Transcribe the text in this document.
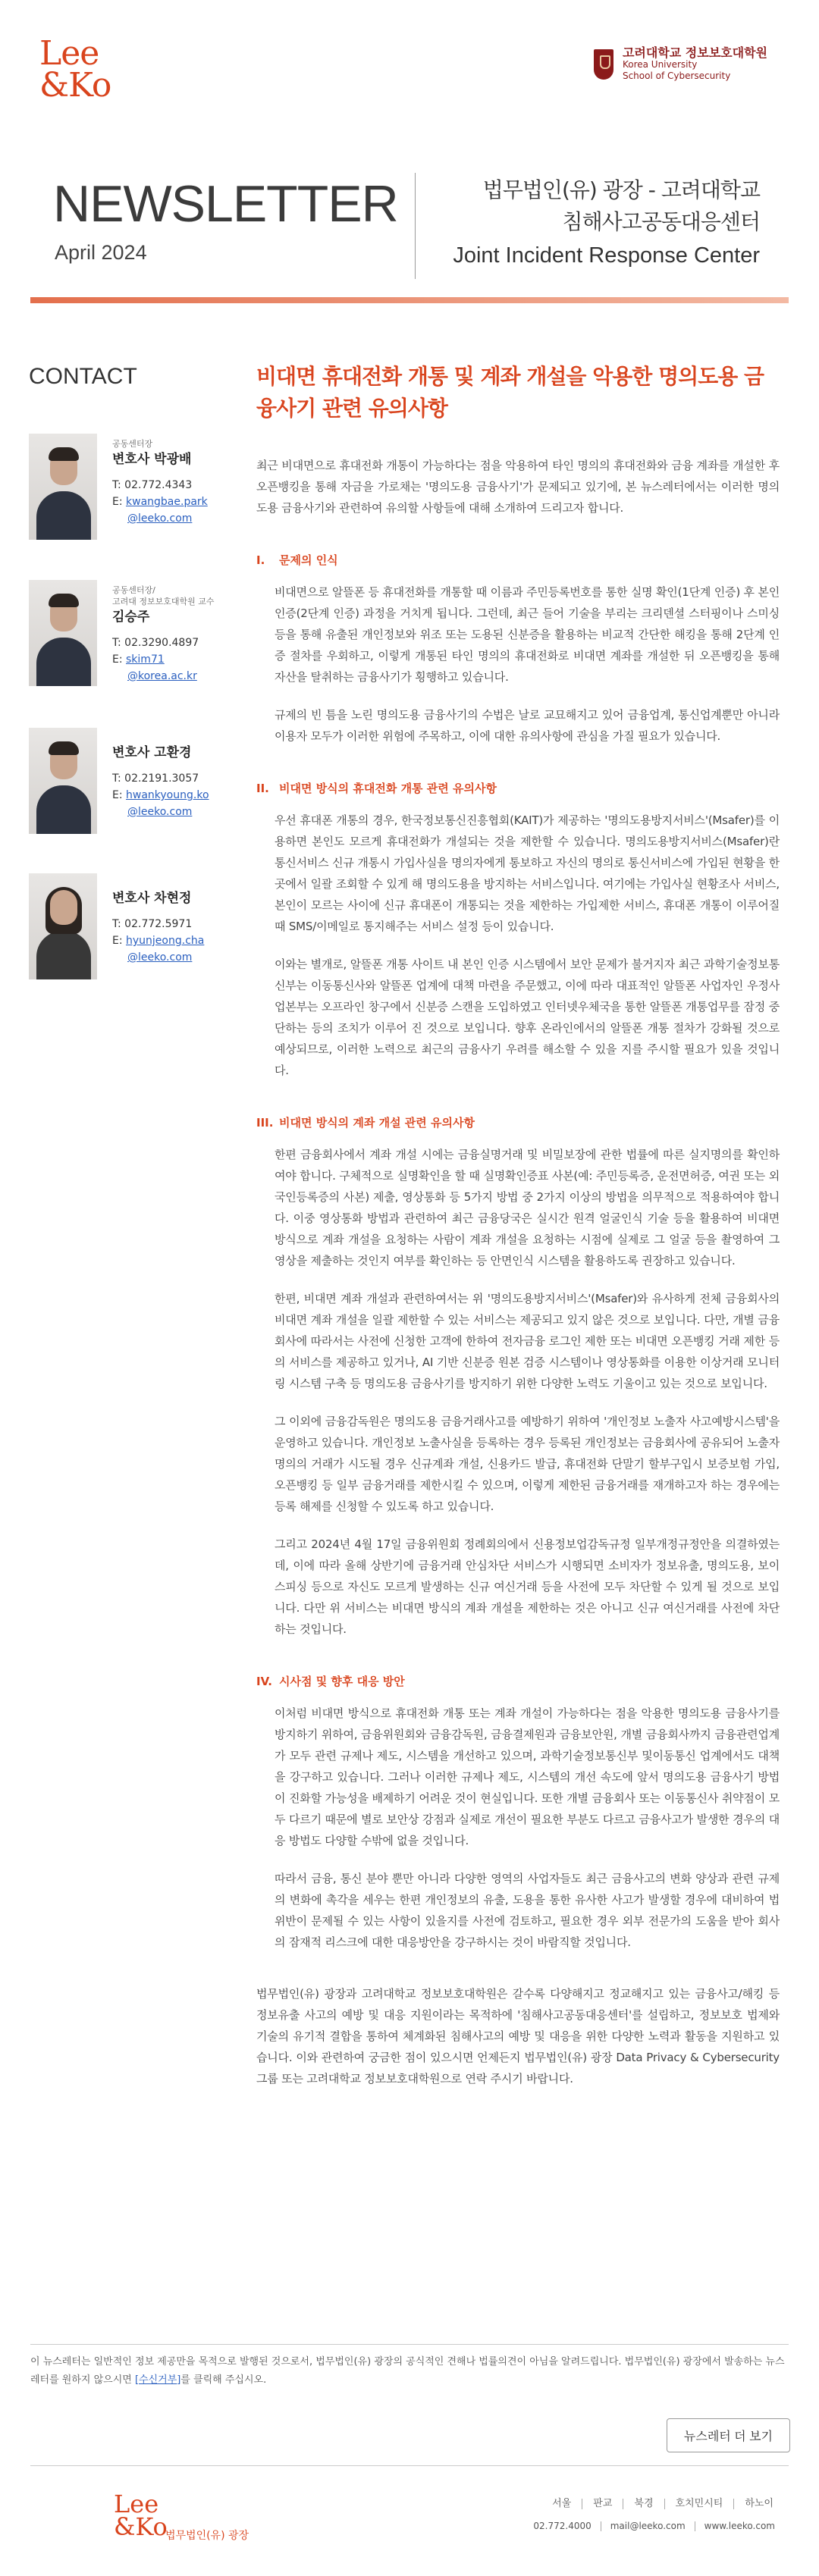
Lee
&Ko
고려대학교 정보보호대학원
Korea University
School of Cybersecurity
NEWSLETTER
April 2024
법무법인(유) 광장 - 고려대학교
침해사고공동대응센터
Joint Incident Response Center
CONTACT
공동센터장
변호사 박광배
T: 02.772.4343
E: kwangbae.park
@leeko.com
공동센터장/
고려대 정보보호대학원 교수
김승주
T: 02.3290.4897
E: skim71
@korea.ac.kr
변호사 고환경
T: 02.2191.3057
E: hwankyoung.ko
@leeko.com
변호사 차현정
T: 02.772.5971
E: hyunjeong.cha
@leeko.com
비대면 휴대전화 개통 및 계좌 개설을 악용한 명의도용 금융사기 관련 유의사항

최근 비대면으로 휴대전화 개통이 가능하다는 점을 악용하여 타인 명의의 휴대전화와 금융 계좌를 개설한 후 오픈뱅킹을 통해 자금을 가로채는 '명의도용 금융사기'가 문제되고 있기에, 본 뉴스레터에서는 이러한 명의도용 금융사기와 관련하여 유의할 사항들에 대해 소개하여 드리고자 합니다.

I. 문제의 인식

비대면으로 알뜰폰 등 휴대전화를 개통할 때 이름과 주민등록번호를 통한 실명 확인(1단계 인증) 후 본인 인증(2단계 인증) 과정을 거치게 됩니다. 그런데, 최근 들어 기술을 부리는 크리덴셜 스터핑이나 스미싱 등을 통해 유출된 개인정보와 위조 또는 도용된 신분증을 활용하는 비교적 간단한 해킹을 통해 2단계 인증 절차를 우회하고, 이렇게 개통된 타인 명의의 휴대전화로 비대면 계좌를 개설한 뒤 오픈뱅킹을 통해 자산을 탈취하는 금융사기가 횡행하고 있습니다.

규제의 빈 틈을 노린 명의도용 금융사기의 수법은 날로 교묘해지고 있어 금융업계, 통신업계뿐만 아니라 이용자 모두가 이러한 위험에 주목하고, 이에 대한 유의사항에 관심을 가질 필요가 있습니다.

II. 비대면 방식의 휴대전화 개통 관련 유의사항

우선 휴대폰 개통의 경우, 한국정보통신진흥협회(KAIT)가 제공하는 '명의도용방지서비스'(Msafer)를 이용하면 본인도 모르게 휴대전화가 개설되는 것을 제한할 수 있습니다. 명의도용방지서비스(Msafer)란 통신서비스 신규 개통시 가입사실을 명의자에게 통보하고 자신의 명의로 통신서비스에 가입된 현황을 한 곳에서 일괄 조회할 수 있게 해 명의도용을 방지하는 서비스입니다. 여기에는 가입사실 현황조사 서비스, 본인이 모르는 사이에 신규 휴대폰이 개통되는 것을 제한하는 가입제한 서비스, 휴대폰 개통이 이루어질 때 SMS/이메일로 통지해주는 서비스 설정 등이 있습니다.

이와는 별개로, 알뜰폰 개통 사이트 내 본인 인증 시스템에서 보안 문제가 불거지자 최근 과학기술정보통신부는 이동통신사와 알뜰폰 업계에 대책 마련을 주문했고, 이에 따라 대표적인 알뜰폰 사업자인 우정사업본부는 오프라인 창구에서 신분증 스캔을 도입하였고 인터넷우체국을 통한 알뜰폰 개통업무를 잠정 중단하는 등의 조치가 이루어 진 것으로 보입니다. 향후 온라인에서의 알뜰폰 개통 절차가 강화될 것으로 예상되므로, 이러한 노력으로 최근의 금융사기 우려를 해소할 수 있을 지를 주시할 필요가 있을 것입니다.

III. 비대면 방식의 계좌 개설 관련 유의사항

한편 금융회사에서 계좌 개설 시에는 금융실명거래 및 비밀보장에 관한 법률에 따른 실지명의를 확인하여야 합니다. 구체적으로 실명확인을 할 때 실명확인증표 사본(예: 주민등록증, 운전면허증, 여권 또는 외국인등록증의 사본) 제출, 영상통화 등 5가지 방법 중 2가지 이상의 방법을 의무적으로 적용하여야 합니다. 이중 영상통화 방법과 관련하여 최근 금융당국은 실시간 원격 얼굴인식 기술 등을 활용하여 비대면 방식으로 계좌 개설을 요청하는 사람이 계좌 개설을 요청하는 시점에 실제로 그 얼굴 등을 촬영하여 그 영상을 제출하는 것인지 여부를 확인하는 등 안면인식 시스템을 활용하도록 권장하고 있습니다.

한편, 비대면 계좌 개설과 관련하여서는 위 '명의도용방지서비스'(Msafer)와 유사하게 전체 금융회사의 비대면 계좌 개설을 일괄 제한할 수 있는 서비스는 제공되고 있지 않은 것으로 보입니다. 다만, 개별 금융회사에 따라서는 사전에 신청한 고객에 한하여 전자금융 로그인 제한 또는 비대면 오픈뱅킹 거래 제한 등의 서비스를 제공하고 있거나, AI 기반 신분증 원본 검증 시스템이나 영상통화를 이용한 이상거래 모니터링 시스템 구축 등 명의도용 금융사기를 방지하기 위한 다양한 노력도 기울이고 있는 것으로 보입니다.

그 이외에 금융감독원은 명의도용 금융거래사고를 예방하기 위하여 '개인정보 노출자 사고예방시스템'을 운영하고 있습니다. 개인정보 노출사실을 등록하는 경우 등록된 개인정보는 금융회사에 공유되어 노출자 명의의 거래가 시도될 경우 신규계좌 개설, 신용카드 발급, 휴대전화 단말기 할부구입시 보증보험 가입, 오픈뱅킹 등 일부 금융거래를 제한시킬 수 있으며, 이렇게 제한된 금융거래를 재개하고자 하는 경우에는 등록 해제를 신청할 수 있도록 하고 있습니다.

그리고 2024년 4월 17일 금융위원회 정례회의에서 신용정보업감독규정 일부개정규정안을 의결하였는데, 이에 따라 올해 상반기에 금융거래 안심차단 서비스가 시행되면 소비자가 정보유출, 명의도용, 보이스피싱 등으로 자신도 모르게 발생하는 신규 여신거래 등을 사전에 모두 차단할 수 있게 될 것으로 보입니다. 다만 위 서비스는 비대면 방식의 계좌 개설을 제한하는 것은 아니고 신규 여신거래를 사전에 차단하는 것입니다.

IV. 시사점 및 향후 대응 방안

이처럼 비대면 방식으로 휴대전화 개통 또는 계좌 개설이 가능하다는 점을 악용한 명의도용 금융사기를 방지하기 위하여, 금융위원회와 금융감독원, 금융결제원과 금융보안원, 개별 금융회사까지 금융관련업계가 모두 관련 규제나 제도, 시스템을 개선하고 있으며, 과학기술정보통신부 및이동통신 업계에서도 대책을 강구하고 있습니다. 그러나 이러한 규제나 제도, 시스템의 개선 속도에 앞서 명의도용 금융사기 방법이 진화할 가능성을 배제하기 어려운 것이 현실입니다. 또한 개별 금융회사 또는 이동통신사 취약점이 모두 다르기 때문에 별로 보안상 강점과 실제로 개선이 필요한 부분도 다르고 금융사고가 발생한 경우의 대응 방법도 다양할 수밖에 없을 것입니다.

따라서 금융, 통신 분야 뿐만 아니라 다양한 영역의 사업자들도 최근 금융사고의 변화 양상과 관련 규제의 변화에 촉각을 세우는 한편 개인정보의 유출, 도용을 통한 유사한 사고가 발생할 경우에 대비하여 법 위반이 문제될 수 있는 사항이 있을지를 사전에 검토하고, 필요한 경우 외부 전문가의 도움을 받아 회사의 잠재적 리스크에 대한 대응방안을 강구하시는 것이 바람직할 것입니다.

법무법인(유) 광장과 고려대학교 정보보호대학원은 갈수록 다양해지고 정교해지고 있는 금융사고/해킹 등 정보유출 사고의 예방 및 대응 지원이라는 목적하에 '침해사고공동대응센터'를 설립하고, 정보보호 법제와 기술의 유기적 결합을 통하여 체계화된 침해사고의 예방 및 대응을 위한 다양한 노력과 활동을 지원하고 있습니다. 이와 관련하여 궁금한 점이 있으시면 언제든지 법무법인(유) 광장 Data Privacy & Cybersecurity 그룹 또는 고려대학교 정보보호대학원으로 연락 주시기 바랍니다.

이 뉴스레터는 일반적인 정보 제공만을 목적으로 발행된 것으로서, 법무법인(유) 광장의 공식적인 견해나 법률의견이 아님을 알려드립니다. 법무법인(유) 광장에서 발송하는 뉴스레터를 원하지 않으시면 [수신거부]를 클릭해 주십시오.
뉴스레터 더 보기
Lee
&Ko
법무법인(유) 광장
서울	판교	북경	호치민시티	하노이
02.772.4000	mail@leeko.com	www.leeko.com
